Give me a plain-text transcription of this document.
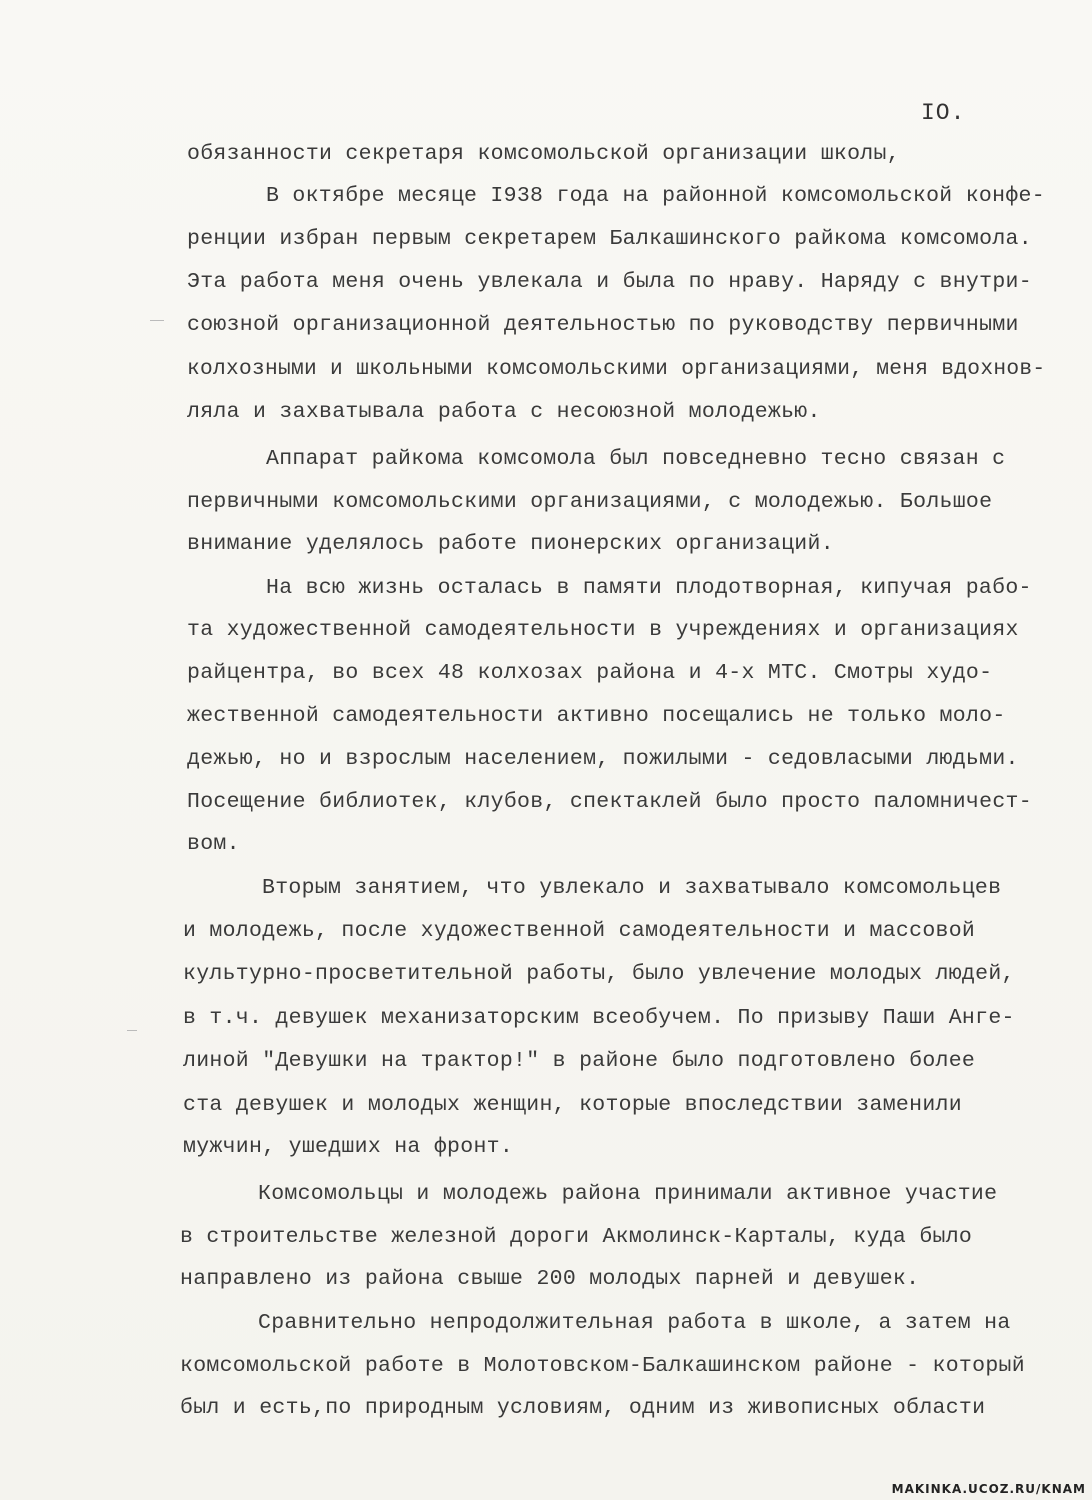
IO.
обязанности секретаря комсомольской организации школы,
В октябре месяце I938 года на районной комсомольской конфе-
ренции избран первым секретарем Балкашинского райкома комсомола.
Эта работа меня очень увлекала и была по нраву. Наряду с внутри-
союзной организационной деятельностью по руководству первичными
колхозными и школьными комсомольскими организациями, меня вдохнов-
ляла и захватывала работа с несоюзной молодежью.
Аппарат райкома комсомола был повседневно тесно связан с
первичными комсомольскими организациями, с молодежью. Большое
внимание уделялось работе пионерских организаций.
На всю жизнь осталась в памяти плодотворная, кипучая рабо-
та художественной самодеятельности в учреждениях и организациях
райцентра, во всех 48 колхозах района и 4-х МТС. Смотры худо-
жественной самодеятельности активно посещались не только моло-
дежью, но и взрослым населением, пожилыми - седовласыми людьми.
Посещение библиотек, клубов, спектаклей было просто паломничест-
вом.
Вторым занятием, что увлекало и захватывало комсомольцев
и молодежь, после художественной самодеятельности и массовой
культурно-просветительной работы, было увлечение молодых людей,
в т.ч. девушек механизаторским всеобучем. По призыву Паши Анге-
линой "Девушки на трактор!" в районе было подготовлено более
ста девушек и молодых женщин, которые впоследствии заменили
мужчин, ушедших на фронт.
Комсомольцы и молодежь района принимали активное участие
в строительстве железной дороги Акмолинск-Карталы, куда было
направлено из района свыше 200 молодых парней и девушек.
Сравнительно непродолжительная работа в школе, а затем на
комсомольской работе в Молотовском-Балкашинском районе - который
был и есть,по природным условиям, одним из живописных области
MAKINKA.UCOZ.RU/KNAM
